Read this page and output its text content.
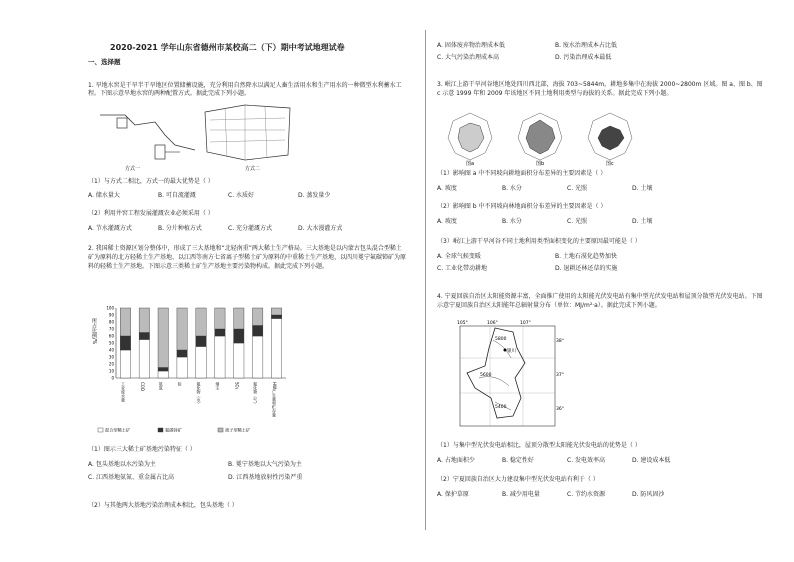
2020-2021 学年山东省德州市某校高二（下）期中考试地理试卷
一、选择题
1. 旱地水窖是干旱半干旱地区位置储蓄设施，充分利用自然降水以满足人畜生活用水和生产用水的一种微型水利蓄水工程。下图示意旱地水窖的两种配置方式。据此完成下列小题。
方式一	方式二
（1）与方式二相比，方式一的最大优势是（ ）
A. 储水量大	B. 可自流灌溉	C. 水质好	D. 蒸发量少
（2）利用井窖工程发展灌溉农业必须采用（ ）
A. 节水灌溉方式	B. 分片种植方式	C. 充分灌溉方式	D. 大水漫灌方式
2. 我国稀土资源区划分整体中，形成了三大基地和“北轻南重”两大稀土生产格局。三大基地是以内蒙古包头混合型稀土矿为原料的北方轻稀土生产基地、以江西等南方七省离子型稀土矿为原料的中重稀土生产基地、以四川冕宁氟碳铈矿为原料的轻稀土生产基地。下图示意三类稀土矿生产基地主要污染物构成。据此完成下列小题。
0
10
20
30
40
50
60
70
80
90
100
所占比例/%
工业废水量	COD	氨氮	铅	氟化物（水）	烟尘	SO₂	氟化物（气）	HW产生量和贮存量
混合型稀土矿	氟碳铈矿	离子型稀土矿
（1）图示三大稀土矿基地污染特征（ ）
A. 包头基地以水污染为主	B. 冕宁基地以大气污染为主
C. 江西基地氨氮、重金属占比高	D. 江西基地放射性污染严重
（2）与其他两大基地污染治理成本相比，包头基地（ ）
A. 固体废弃物治理成本低	B. 废水治理成本占比低
C. 大气污染治理成本高	D. 污染治理成本最低
3. 岷江上游干旱河谷地区地处四川西北部，海拔 703~5844m，耕地多集中在海拔 2000~2800m 区域。图 a、图 b、图 c 示意 1999 年和 2009 年该地区不同土地利用类型与海拔的关系。据此完成下列小题。
图a	图b	图c
（1）影响图 a 中不同坡向耕地面积分布差异的主要因素是（ ）
A. 坡度	B. 水分	C. 光照	D. 土壤
（2）影响图 b 中不同坡向林地面积分布差异的主要因素是（ ）
A. 坡度	B. 水分	C. 光照	D. 土壤
（3）岷江上游干旱河谷不同土地利用类型面积变化的主要原因最可能是（ ）
A. 全球气候变暖	B. 土地石漠化趋势加快
C. 工业化带动耕地	D. 退耕还林还草的实施
4. 宁夏回族自治区太阳能资源丰富，全面推广使用的太阳能光伏发电站有集中型光伏发电站和屋顶分散型光伏发电站。下图示意宁夏回族自治区太阳能年总辐射量分布（单位：MJ/m²·a）。据此完成下列小题。
105°	106°	107°
38°
37°
36°
银川
5800
5600
5400
（1）与集中型光伏发电站相比，屋顶分散型太阳能光伏发电站的优势是（ ）
A. 占地面积少	B. 稳定性好	C. 发电效率高	D. 建设成本低
（2）宁夏回族自治区大力建设集中型光伏发电站有利于（ ）
A. 保护草原	B. 减少用电量	C. 节约水资源	D. 防风固沙
